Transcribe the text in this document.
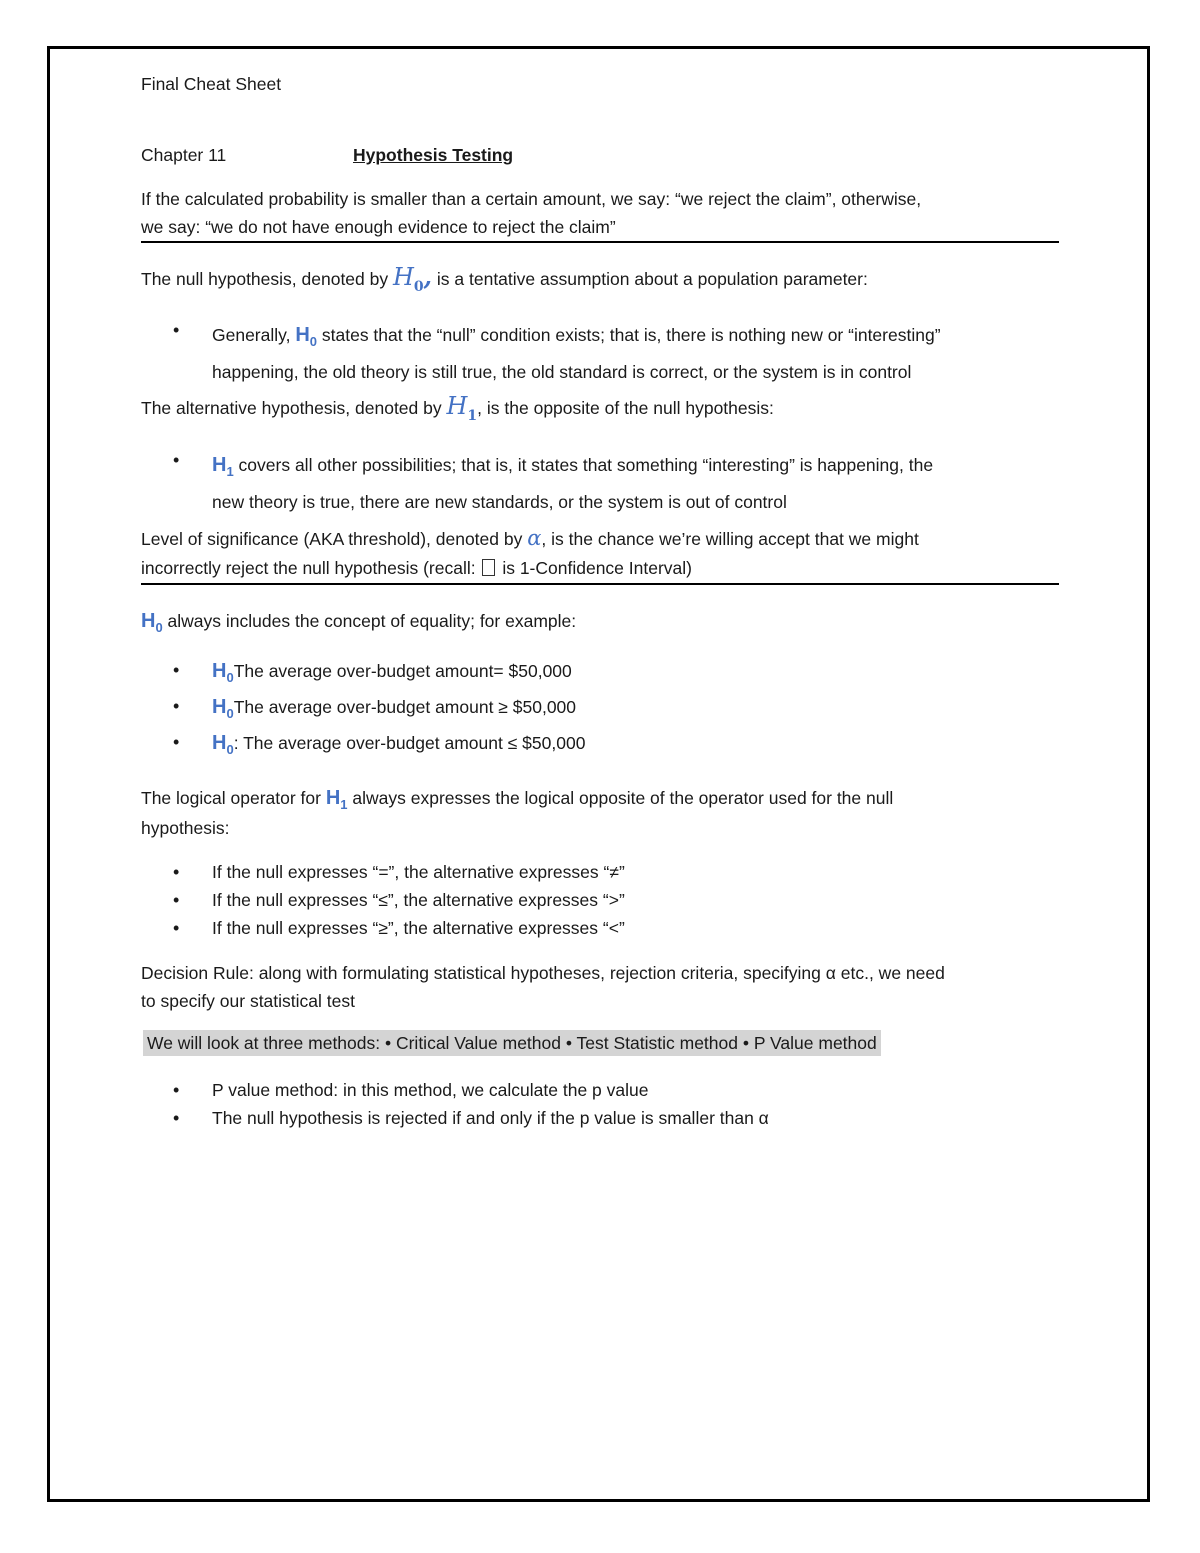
Final Cheat Sheet
Chapter 11	Hypothesis Testing
If the calculated probability is smaller than a certain amount, we say: “we reject the claim”, otherwise,
we say: “we do not have enough evidence to reject the claim”
The null hypothesis, denoted by $H_0$, is a tentative assumption about a population parameter:
• Generally, $H_0$ states that the “null” condition exists; that is, there is nothing new or “interesting”
happening, the old theory is still true, the old standard is correct, or the system is in control
The alternative hypothesis, denoted by $H_1$, is the opposite of the null hypothesis:
• $H_1$ covers all other possibilities; that is, it states that something “interesting” is happening, the
new theory is true, there are new standards, or the system is out of control
Level of significance (AKA threshold), denoted by α, is the chance we’re willing accept that we might
incorrectly reject the null hypothesis (recall:  is 1-Confidence Interval)
$H_0$ always includes the concept of equality; for example:
• $H_0The$ average over-budget amount= $50,000
• $H_0The$ average over-budget amount ≥ $50,000
• $H_0$: The average over-budget amount ≤ $50,000
The logical operator for $H_1$ always expresses the logical opposite of the operator used for the null
hypothesis:
• If the null expresses “=”, the alternative expresses “≠”
• If the null expresses “≤”, the alternative expresses “>”
• If the null expresses “≥”, the alternative expresses “<”
Decision Rule: along with formulating statistical hypotheses, rejection criteria, specifying α etc., we need
to specify our statistical test
We will look at three methods: • Critical Value method • Test Statistic method • P Value method
• P value method: in this method, we calculate the p value
• The null hypothesis is rejected if and only if the p value is smaller than α
